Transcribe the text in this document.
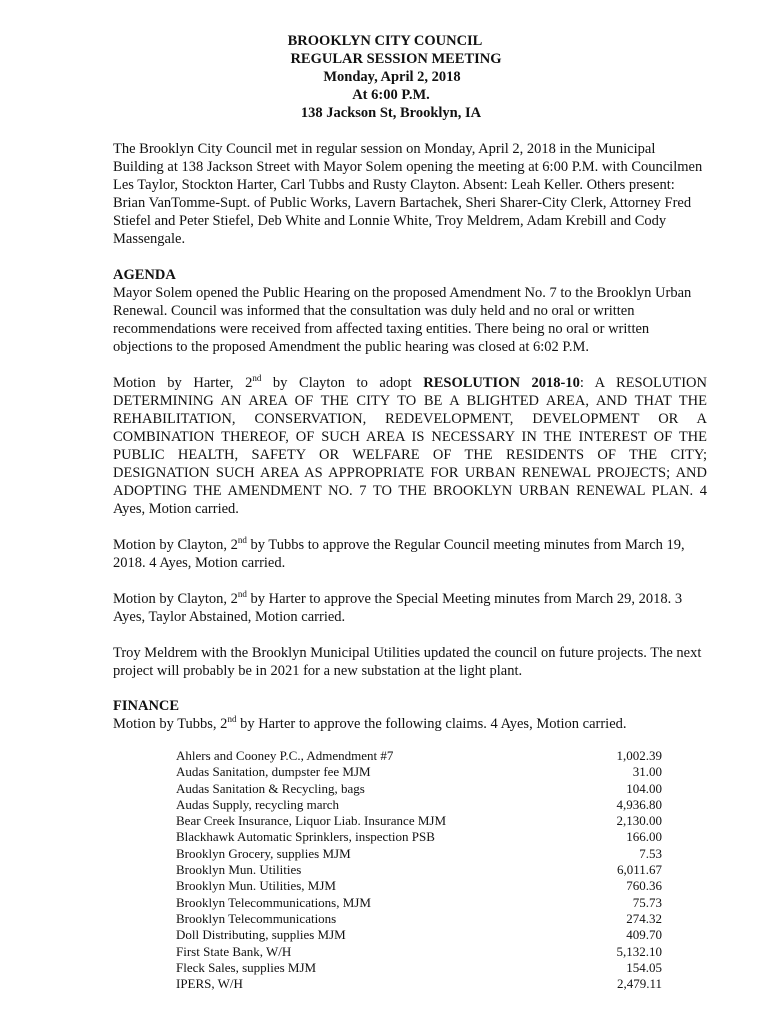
BROOKLYN CITY COUNCIL
REGULAR SESSION MEETING
Monday, April 2, 2018
At 6:00 P.M.
138 Jackson St, Brooklyn, IA
The Brooklyn City Council met in regular session on Monday, April 2, 2018 in the Municipal Building at 138 Jackson Street with Mayor Solem opening the meeting at 6:00 P.M. with Councilmen Les Taylor, Stockton Harter, Carl Tubbs and Rusty Clayton. Absent: Leah Keller. Others present: Brian VanTomme-Supt. of Public Works, Lavern Bartachek, Sheri Sharer-City Clerk, Attorney Fred Stiefel and Peter Stiefel, Deb White and Lonnie White, Troy Meldrem, Adam Krebill and Cody Massengale.
AGENDA
Mayor Solem opened the Public Hearing on the proposed Amendment No. 7 to the Brooklyn Urban Renewal. Council was informed that the consultation was duly held and no oral or written recommendations were received from affected taxing entities. There being no oral or written objections to the proposed Amendment the public hearing was closed at 6:02 P.M.
Motion by Harter, 2nd by Clayton to adopt RESOLUTION 2018-10: A RESOLUTION DETERMINING AN AREA OF THE CITY TO BE A BLIGHTED AREA, AND THAT THE REHABILITATION, CONSERVATION, REDEVELOPMENT, DEVELOPMENT OR A COMBINATION THEREOF, OF SUCH AREA IS NECESSARY IN THE INTEREST OF THE PUBLIC HEALTH, SAFETY OR WELFARE OF THE RESIDENTS OF THE CITY; DESIGNATION SUCH AREA AS APPROPRIATE FOR URBAN RENEWAL PROJECTS; AND ADOPTING THE AMENDMENT NO. 7 TO THE BROOKLYN URBAN RENEWAL PLAN. 4 Ayes, Motion carried.
Motion by Clayton, 2nd by Tubbs to approve the Regular Council meeting minutes from March 19, 2018. 4 Ayes, Motion carried.
Motion by Clayton, 2nd by Harter to approve the Special Meeting minutes from March 29, 2018. 3 Ayes, Taylor Abstained, Motion carried.
Troy Meldrem with the Brooklyn Municipal Utilities updated the council on future projects. The next project will probably be in 2021 for a new substation at the light plant.
FINANCE
Motion by Tubbs, 2nd by Harter to approve the following claims. 4 Ayes, Motion carried.
Ahlers and Cooney P.C., Admendment #7	1,002.39
Audas Sanitation, dumpster fee MJM	31.00
Audas Sanitation & Recycling, bags	104.00
Audas Supply, recycling march	4,936.80
Bear Creek Insurance, Liquor Liab. Insurance MJM	2,130.00
Blackhawk Automatic Sprinklers, inspection PSB	166.00
Brooklyn Grocery, supplies MJM	7.53
Brooklyn Mun. Utilities	6,011.67
Brooklyn Mun. Utilities, MJM	760.36
Brooklyn Telecommunications, MJM	75.73
Brooklyn Telecommunications	274.32
Doll Distributing, supplies MJM	409.70
First State Bank, W/H	5,132.10
Fleck Sales, supplies MJM	154.05
IPERS, W/H	2,479.11
